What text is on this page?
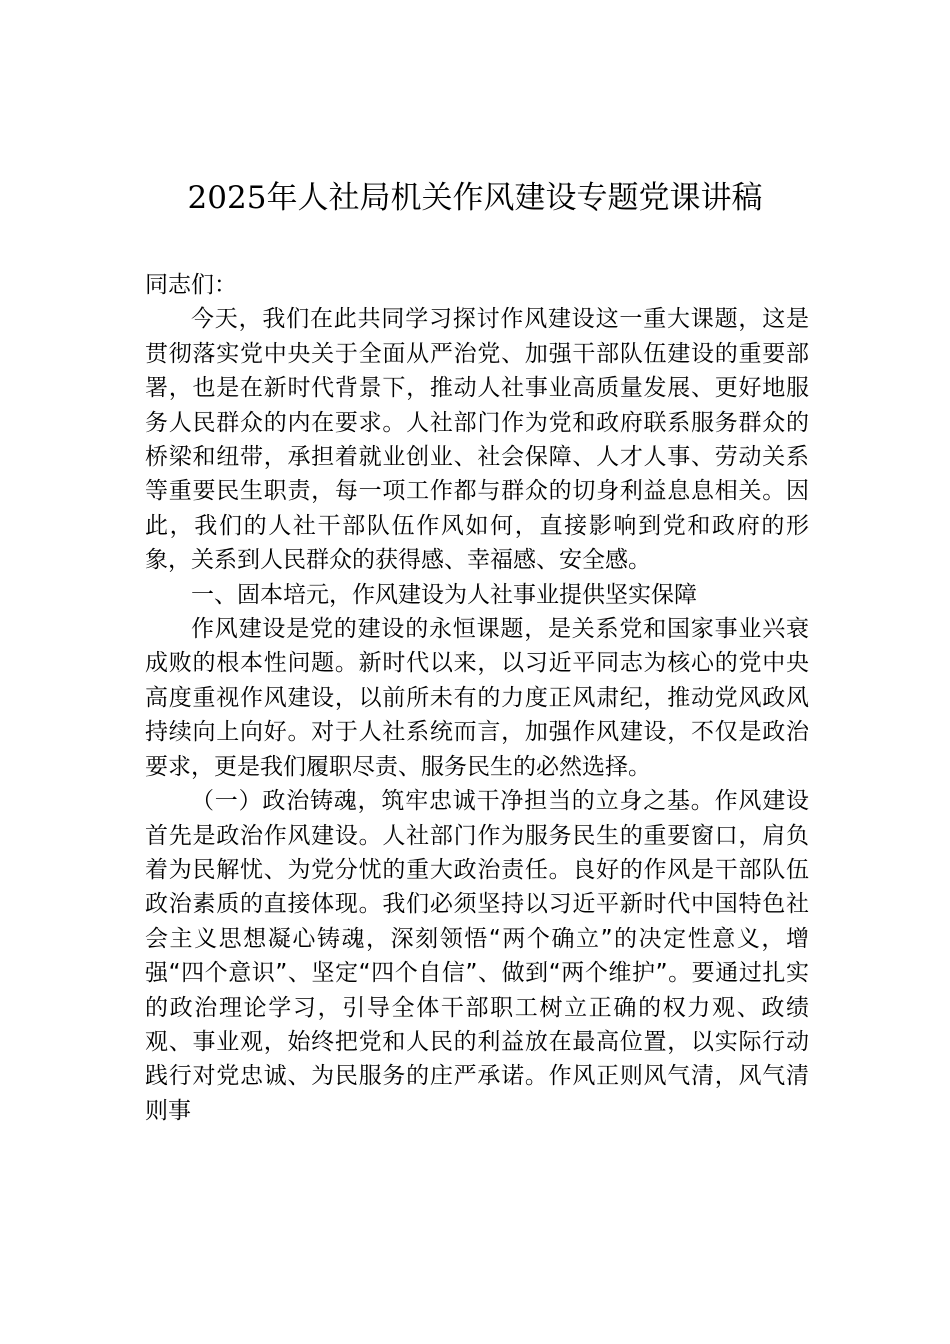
2025年人社局机关作风建设专题党课讲稿

同志们：

今天，我们在此共同学习探讨作风建设这一重大课题，这是贯彻落实党中央关于全面从严治党、加强干部队伍建设的重要部署，也是在新时代背景下，推动人社事业高质量发展、更好地服务人民群众的内在要求。人社部门作为党和政府联系服务群众的桥梁和纽带，承担着就业创业、社会保障、人才人事、劳动关系等重要民生职责，每一项工作都与群众的切身利益息息相关。因此，我们的人社干部队伍作风如何，直接影响到党和政府的形象，关系到人民群众的获得感、幸福感、安全感。

一、固本培元，作风建设为人社事业提供坚实保障

作风建设是党的建设的永恒课题，是关系党和国家事业兴衰成败的根本性问题。新时代以来，以习近平同志为核心的党中央高度重视作风建设，以前所未有的力度正风肃纪，推动党风政风持续向上向好。对于人社系统而言，加强作风建设，不仅是政治要求，更是我们履职尽责、服务民生的必然选择。

（一）政治铸魂，筑牢忠诚干净担当的立身之基。作风建设首先是政治作风建设。人社部门作为服务民生的重要窗口，肩负着为民解忧、为党分忧的重大政治责任。良好的作风是干部队伍政治素质的直接体现。我们必须坚持以习近平新时代中国特色社会主义思想凝心铸魂，深刻领悟“两个确立”的决定性意义，增强“四个意识”、坚定“四个自信”、做到“两个维护”。要通过扎实的政治理论学习，引导全体干部职工树立正确的权力观、政绩观、事业观，始终把党和人民的利益放在最高位置，以实际行动践行对党忠诚、为民服务的庄严承诺。作风正则风气清，风气清则事
